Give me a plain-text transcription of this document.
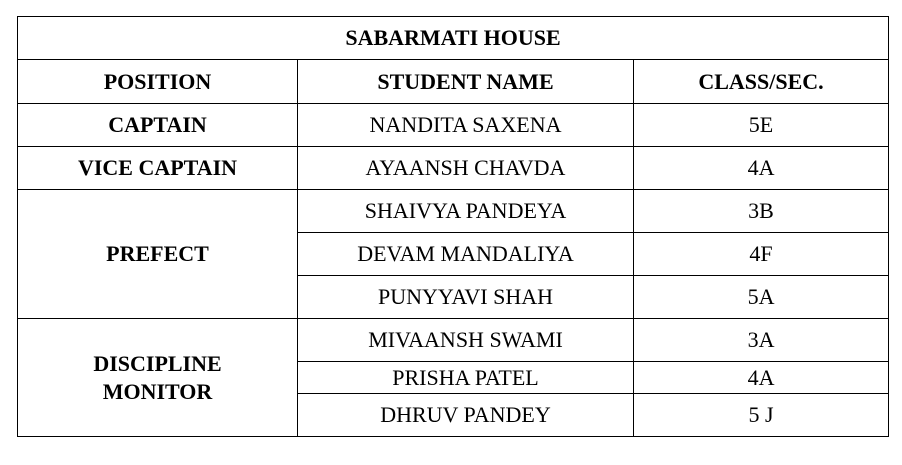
SABARMATI HOUSE		
POSITION	STUDENT NAME	CLASS/SEC.
CAPTAIN	NANDITA SAXENA	5E
VICE CAPTAIN	AYAANSH CHAVDA	4A
PREFECT	SHAIVYA PANDEYA	3B
	DEVAM MANDALIYA	4F
	PUNYYAVI SHAH	5A

DISCIPLINE
MONITOR	MIVAANSH SWAMI	3A
	PRISHA PATEL	4A
	DHRUV PANDEY	5 J
